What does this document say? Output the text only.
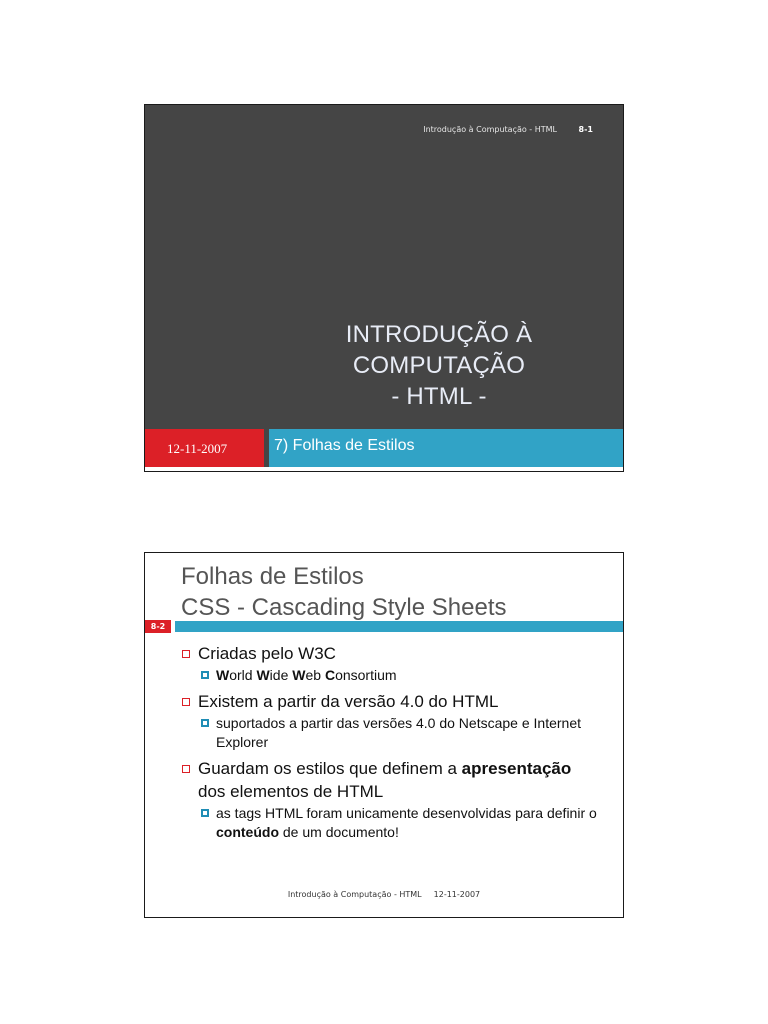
Introdução à Computação - HTML	8-1
INTRODUÇÃO À
COMPUTAÇÃO
- HTML -
12-11-2007	7) Folhas de Estilos
Folhas de Estilos
CSS - Cascading Style Sheets
8-2
Criadas pelo W3C
World Wide Web Consortium
Existem a partir da versão 4.0 do HTML
suportados a partir das versões 4.0 do Netscape e Internet Explorer
Guardam os estilos que definem a apresentação dos elementos de HTML
as tags HTML foram unicamente desenvolvidas para definir o conteúdo de um documento!
Introdução à Computação - HTML 12-11-2007
